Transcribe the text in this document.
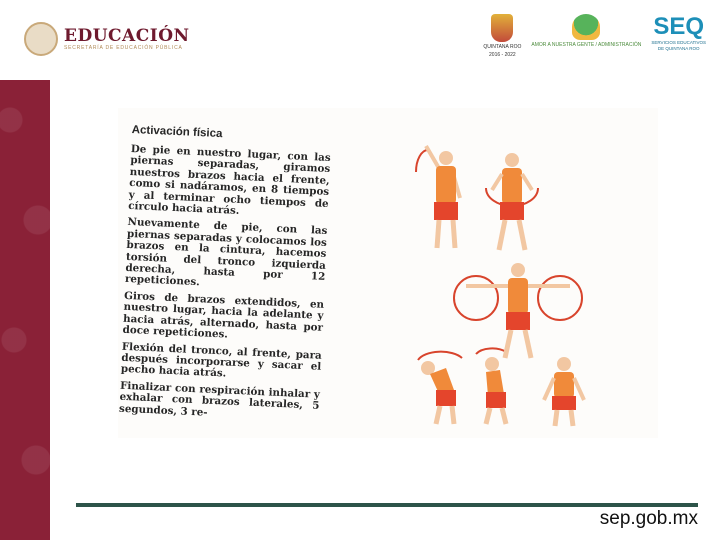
EDUCACIÓN
SECRETARÍA DE EDUCACIÓN PÚBLICA	QUINTANA ROO
2016 - 2022
AMOR A NUESTRA GENTE / ADMINISTRACIÓN
SEQ
SERVICIOS EDUCATIVOS
DE QUINTANA ROO
Activación física

De pie en nuestro lugar, con las piernas separadas, giramos nuestros brazos hacia el frente, como si nadáramos, en 8 tiempos y al terminar ocho tiempos de círculo hacia atrás.

Nuevamente de pie, con las piernas separadas y colocamos los brazos en la cintura, hacemos torsión del tronco izquierda derecha, hasta por 12 repeticiones.

Giros de brazos extendidos, en nuestro lugar, hacia la adelante y hacia atrás, alternado, hasta por doce repeticiones.

Flexión del tronco, al frente, para después incorporarse y sacar el pecho hacia atrás.

Finalizar con respiración inhalar y exhalar con brazos laterales, 5 segundos, 3 re-

sep.gob.mx
